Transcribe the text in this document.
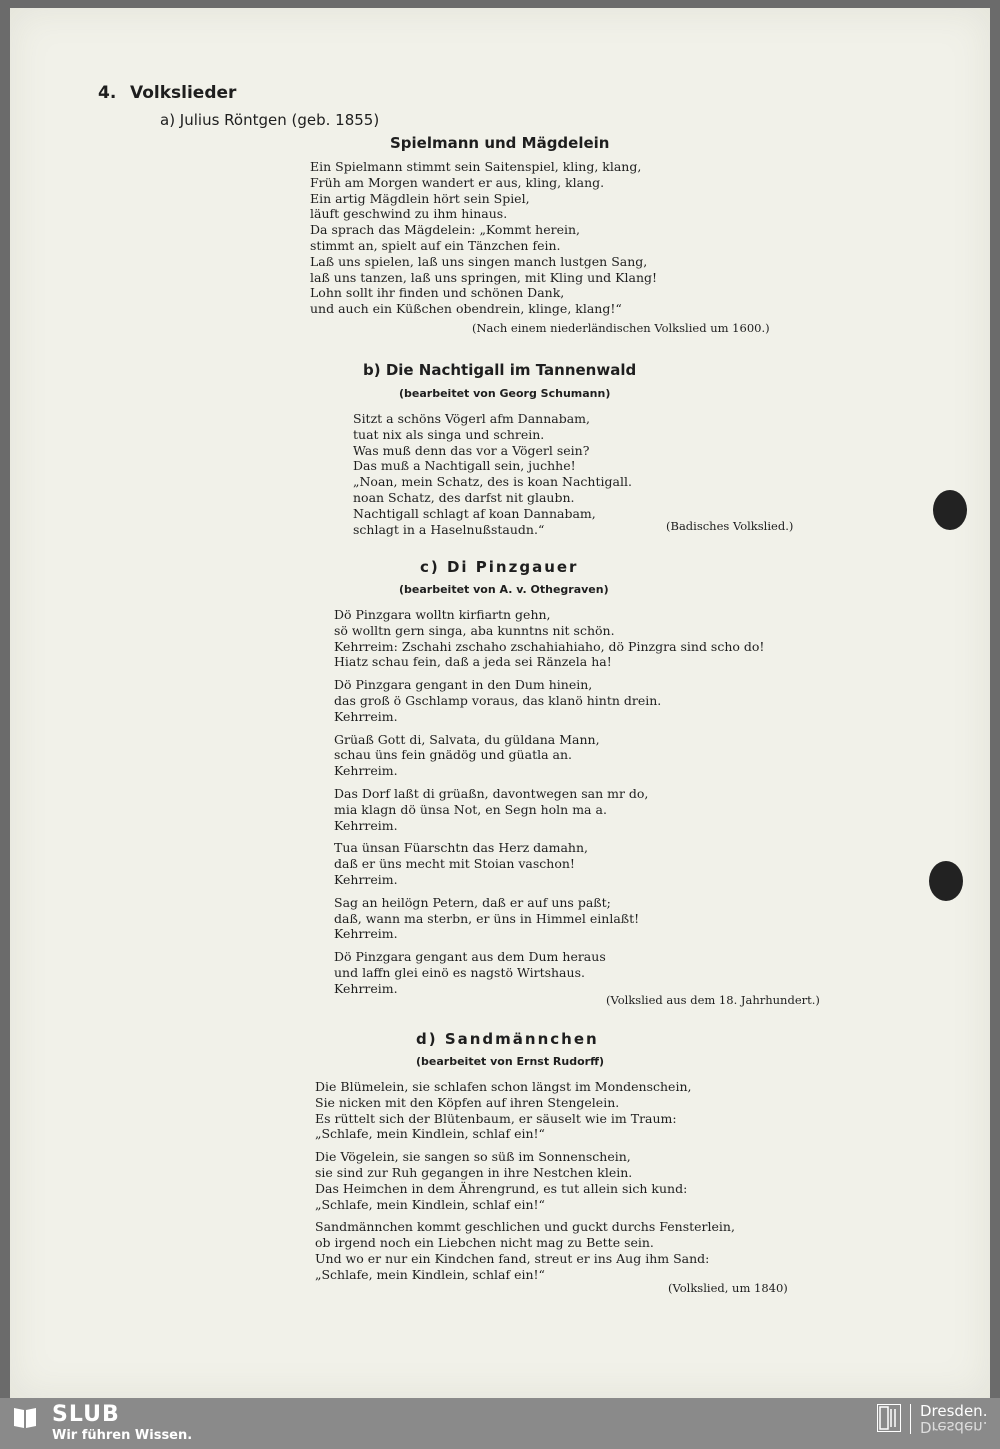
4. Volkslieder
a) Julius Röntgen (geb. 1855)
Spielmann und Mägdelein
Ein Spielmann stimmt sein Saitenspiel, kling, klang,
Früh am Morgen wandert er aus, kling, klang.
Ein artig Mägdlein hört sein Spiel,
läuft geschwind zu ihm hinaus.
Da sprach das Mägdelein: „Kommt herein,
stimmt an, spielt auf ein Tänzchen fein.
Laß uns spielen, laß uns singen manch lustgen Sang,
laß uns tanzen, laß uns springen, mit Kling und Klang!
Lohn sollt ihr finden und schönen Dank,
und auch ein Küßchen obendrein, klinge, klang!“
(Nach einem niederländischen Volkslied um 1600.)
b) Die Nachtigall im Tannenwald
(bearbeitet von Georg Schumann)
Sitzt a schöns Vögerl afm Dannabam,
tuat nix als singa und schrein.
Was muß denn das vor a Vögerl sein?
Das muß a Nachtigall sein, juchhe!
„Noan, mein Schatz, des is koan Nachtigall.
noan Schatz, des darfst nit glaubn.
Nachtigall schlagt af koan Dannabam,
schlagt in a Haselnußstaudn.“	(Badisches Volkslied.)
c) Di Pinzgauer
(bearbeitet von A. v. Othegraven)
Dö Pinzgara wolltn kirfiartn gehn,
sö wolltn gern singa, aba kunntns nit schön.
Kehrreim: Zschahi zschaho zschahiahiaho, dö Pinzgra sind scho do!
Hiatz schau fein, daß a jeda sei Ränzela ha!
Dö Pinzgara gengant in den Dum hinein,
das groß ö Gschlamp voraus, das klanö hintn drein.
Kehrreim.
Grüaß Gott di, Salvata, du güldana Mann,
schau üns fein gnädög und güatla an.
Kehrreim.
Das Dorf laßt di grüaßn, davontwegen san mr do,
mia klagn dö ünsa Not, en Segn holn ma a.
Kehrreim.
Tua ünsan Füarschtn das Herz damahn,
daß er üns mecht mit Stoian vaschon!
Kehrreim.
Sag an heilögn Petern, daß er auf uns paßt;
daß, wann ma sterbn, er üns in Himmel einlaßt!
Kehrreim.
Dö Pinzgara gengant aus dem Dum heraus
und laffn glei einö es nagstö Wirtshaus.
Kehrreim.
(Volkslied aus dem 18. Jahrhundert.)
d) Sandmännchen
(bearbeitet von Ernst Rudorff)
Die Blümelein, sie schlafen schon längst im Mondenschein,
Sie nicken mit den Köpfen auf ihren Stengelein.
Es rüttelt sich der Blütenbaum, er säuselt wie im Traum:
„Schlafe, mein Kindlein, schlaf ein!“
Die Vögelein, sie sangen so süß im Sonnenschein,
sie sind zur Ruh gegangen in ihre Nestchen klein.
Das Heimchen in dem Ährengrund, es tut allein sich kund:
„Schlafe, mein Kindlein, schlaf ein!“
Sandmännchen kommt geschlichen und guckt durchs Fensterlein,
ob irgend noch ein Liebchen nicht mag zu Bette sein.
Und wo er nur ein Kindchen fand, streut er ins Aug ihm Sand:
„Schlafe, mein Kindlein, schlaf ein!“
(Volkslied, um 1840)
SLUB
Wir führen Wissen.
Dresden.
Dresden.
